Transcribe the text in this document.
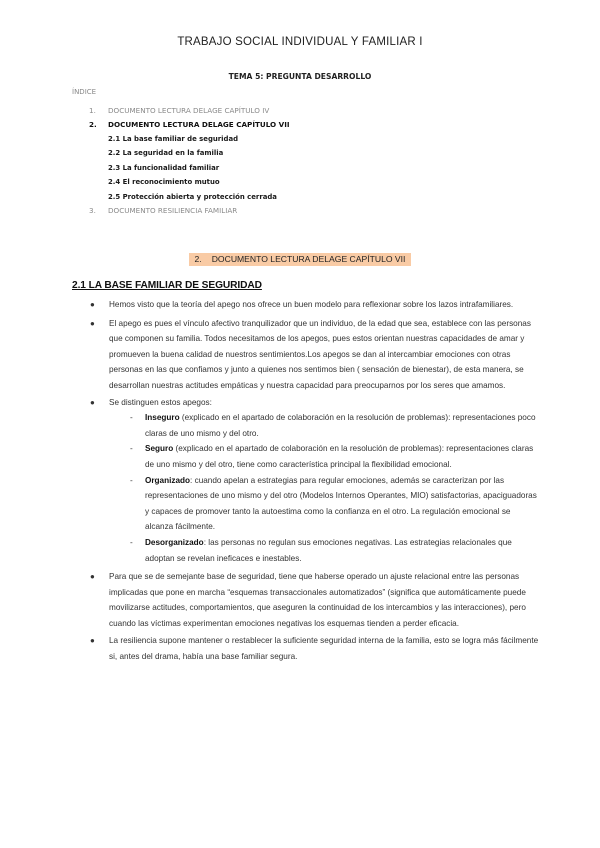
TRABAJO SOCIAL INDIVIDUAL Y FAMILIAR I
TEMA 5: PREGUNTA DESARROLLO
ÍNDICE
1. DOCUMENTO LECTURA DELAGE CAPÍTULO IV
2. DOCUMENTO LECTURA DELAGE CAPÍTULO VII
2.1 La base familiar de seguridad
2.2 La seguridad en la familia
2.3 La funcionalidad familiar
2.4 El reconocimiento mutuo
2.5 Protección abierta y protección cerrada
3. DOCUMENTO RESILIENCIA FAMILIAR
2. DOCUMENTO LECTURA DELAGE CAPÍTULO VII
2.1 LA BASE FAMILIAR DE SEGURIDAD
● Hemos visto que la teoría del apego nos ofrece un buen modelo para reflexionar sobre los lazos intrafamiliares.
● El apego es pues el vínculo afectivo tranquilizador que un individuo, de la edad que sea, establece con las personas que componen su familia. Todos necesitamos de los apegos, pues estos orientan nuestras capacidades de amar y promueven la buena calidad de nuestros sentimientos.Los apegos se dan al intercambiar emociones con otras personas en las que confiamos y junto a quienes nos sentimos bien ( sensación de bienestar), de esta manera, se desarrollan nuestras actitudes empáticas y nuestra capacidad para preocuparnos por los seres que amamos.
● Se distinguen estos apegos:
- Inseguro (explicado en el apartado de colaboración en la resolución de problemas): representaciones poco claras de uno mismo y del otro.
- Seguro (explicado en el apartado de colaboración en la resolución de problemas): representaciones claras de uno mismo y del otro, tiene como característica principal la flexibilidad emocional.
- Organizado: cuando apelan a estrategias para regular emociones, además se caracterizan por las representaciones de uno mismo y del otro (Modelos Internos Operantes, MIO) satisfactorias, apaciguadoras y capaces de promover tanto la autoestima como la confianza en el otro. La regulación emocional se alcanza fácilmente.
- Desorganizado: las personas no regulan sus emociones negativas. Las estrategias relacionales que adoptan se revelan ineficaces e inestables.
● Para que se de semejante base de seguridad, tiene que haberse operado un ajuste relacional entre las personas implicadas que pone en marcha “esquemas transaccionales automatizados” (significa que automáticamente puede movilizarse actitudes, comportamientos, que aseguren la continuidad de los intercambios y las interacciones), pero cuando las víctimas experimentan emociones negativas los esquemas tienden a perder eficacia.
● La resiliencia supone mantener o restablecer la suficiente seguridad interna de la familia, esto se logra más fácilmente si, antes del drama, había una base familiar segura.
